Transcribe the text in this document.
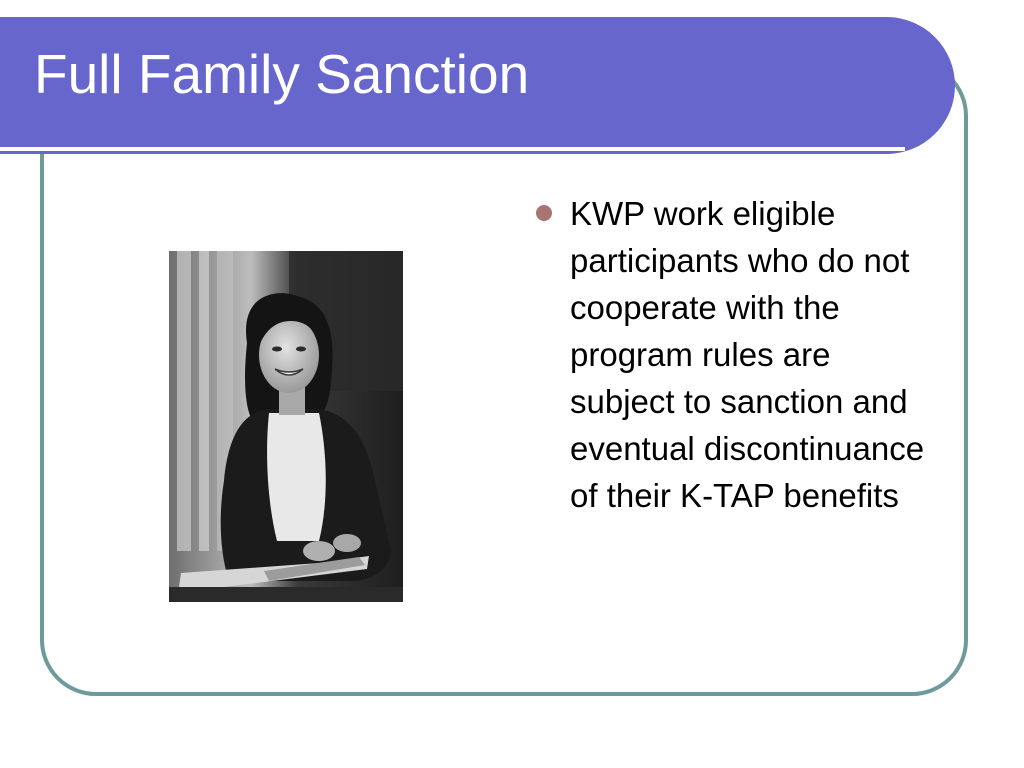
Full Family Sanction
KWP work eligible participants who do not cooperate with the program rules are subject to sanction and eventual discontinuance of their K-TAP benefits
